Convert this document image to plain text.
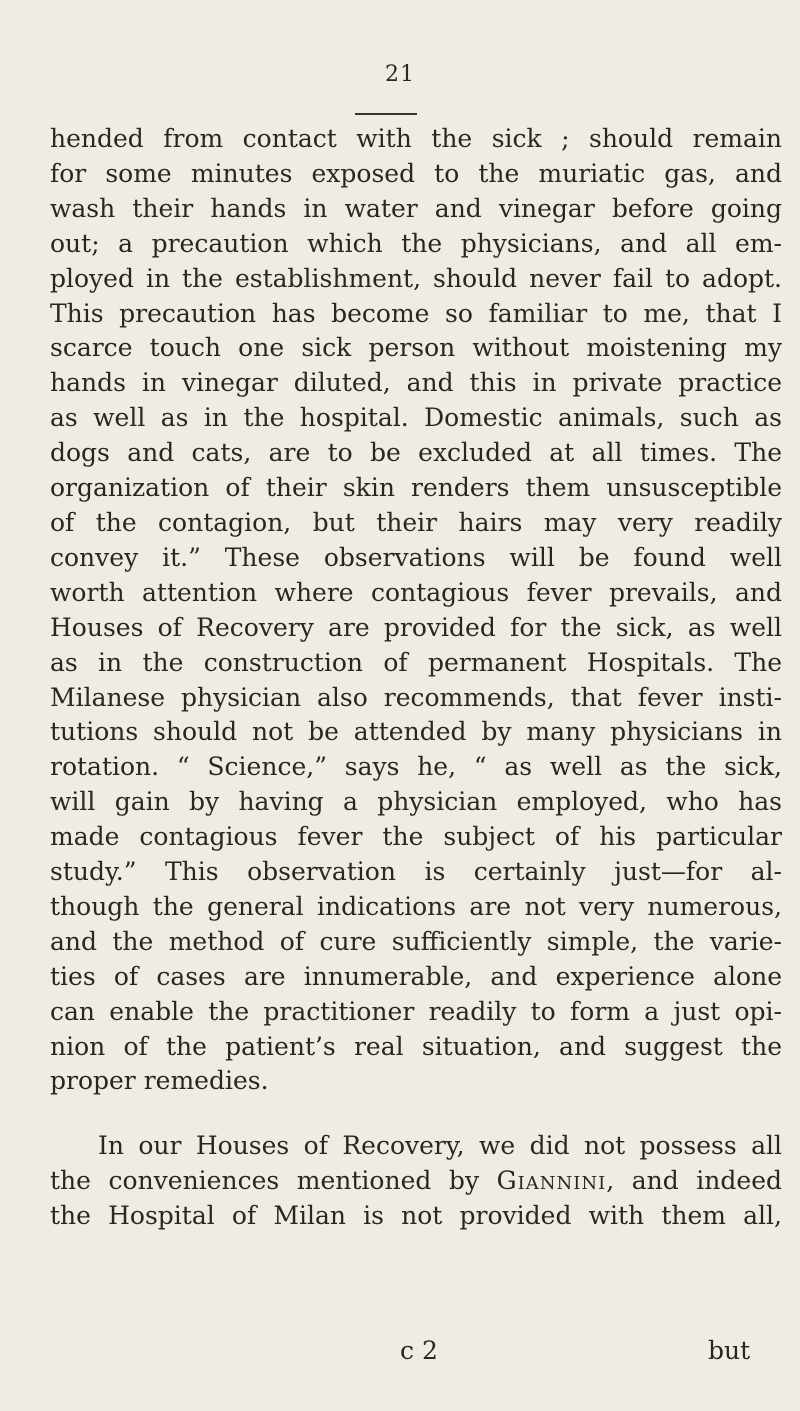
21
hended from contact with the sick ; should remain
for some minutes exposed to the muriatic gas, and
wash their hands in water and vinegar before going
out; a precaution which the physicians, and all em-
ployed in the establishment, should never fail to adopt.
This precaution has become so familiar to me, that I
scarce touch one sick person without moistening my
hands in vinegar diluted, and this in private practice
as well as in the hospital. Domestic animals, such as
dogs and cats, are to be excluded at all times. The
organization of their skin renders them unsusceptible
of the contagion, but their hairs may very readily
convey it.” These observations will be found well
worth attention where contagious fever prevails, and
Houses of Recovery are provided for the sick, as well
as in the construction of permanent Hospitals. The
Milanese physician also recommends, that fever insti-
tutions should not be attended by many physicians in
rotation. “ Science,” says he, “ as well as the sick,
will gain by having a physician employed, who has
made contagious fever the subject of his particular
study.” This observation is certainly just—for al-
though the general indications are not very numerous,
and the method of cure sufficiently simple, the varie-
ties of cases are innumerable, and experience alone
can enable the practitioner readily to form a just opi-
nion of the patient’s real situation, and suggest the
proper remedies.
In our Houses of Recovery, we did not possess all
the conveniences mentioned by Giannini, and indeed
the Hospital of Milan is not provided with them all,
c 2	but
